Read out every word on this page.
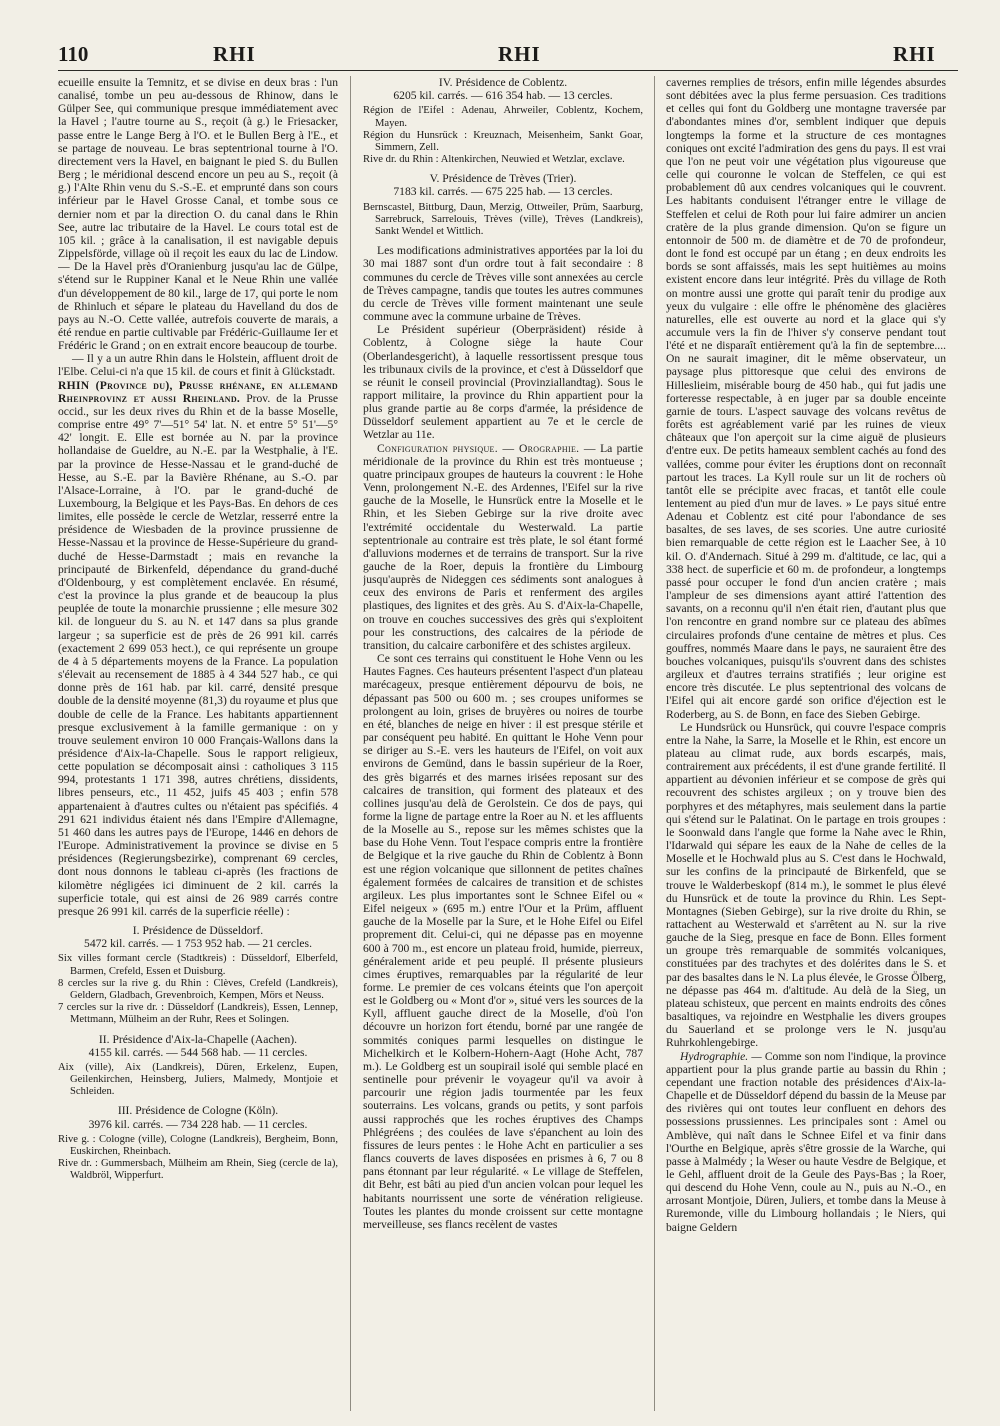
110	RHI	RHI	RHI

ecueille ensuite la Temnitz, et se divise en deux bras : l'un canalisé, tombe un peu au-dessous de Rhinow, dans le Gülper See, qui communique presque immédiatement avec la Havel ; l'autre tourne au S., reçoit (à g.) le Friesacker, passe entre le Lange Berg à l'O. et le Bullen Berg à l'E., et se partage de nouveau. Le bras septentrional tourne à l'O. directement vers la Havel, en baignant le pied S. du Bullen Berg ; le méridional descend encore un peu au S., reçoit (à g.) l'Alte Rhin venu du S.-S.-E. et emprunté dans son cours inférieur par le Havel Grosse Canal, et tombe sous ce dernier nom et par la direction O. du canal dans le Rhin See, autre lac tributaire de la Havel. Le cours total est de 105 kil. ; grâce à la canalisation, il est navigable depuis Zippelsförde, village où il reçoit les eaux du lac de Lindow. — De la Havel près d'Oranienburg jusqu'au lac de Gülpe, s'étend sur le Ruppiner Kanal et le Neue Rhin une vallée d'un développement de 80 kil., large de 17, qui porte le nom de Rhinluch et sépare le plateau du Havelland du dos de pays au N.-O. Cette vallée, autrefois couverte de marais, a été rendue en partie cultivable par Frédéric-Guillaume Ier et Frédéric le Grand ; on en extrait encore beaucoup de tourbe.

— Il y a un autre Rhin dans le Holstein, affluent droit de l'Elbe. Celui-ci n'a que 15 kil. de cours et finit à Glückstadt.

RHIN (Province du), Prusse rhénane, en allemand Rheinprovinz et aussi Rheinland. Prov. de la Prusse occid., sur les deux rives du Rhin et de la basse Moselle, comprise entre 49° 7'—51° 54' lat. N. et entre 5° 51'—5° 42' longit. E. Elle est bornée au N. par la province hollandaise de Gueldre, au N.-E. par la Westphalie, à l'E. par la province de Hesse-Nassau et le grand-duché de Hesse, au S.-E. par la Bavière Rhénane, au S.-O. par l'Alsace-Lorraine, à l'O. par le grand-duché de Luxembourg, la Belgique et les Pays-Bas. En dehors de ces limites, elle possède le cercle de Wetzlar, resserré entre la présidence de Wiesbaden de la province prussienne de Hesse-Nassau et la province de Hesse-Supérieure du grand-duché de Hesse-Darmstadt ; mais en revanche la principauté de Birkenfeld, dépendance du grand-duché d'Oldenbourg, y est complètement enclavée. En résumé, c'est la province la plus grande et de beaucoup la plus peuplée de toute la monarchie prussienne ; elle mesure 302 kil. de longueur du S. au N. et 147 dans sa plus grande largeur ; sa superficie est de près de 26 991 kil. carrés (exactement 2 699 053 hect.), ce qui représente un groupe de 4 à 5 départements moyens de la France. La population s'élevait au recensement de 1885 à 4 344 527 hab., ce qui donne près de 161 hab. par kil. carré, densité presque double de la densité moyenne (81,3) du royaume et plus que double de celle de la France. Les habitants appartiennent presque exclusivement à la famille germanique : on y trouve seulement environ 10 000 Français-Wallons dans la présidence d'Aix-la-Chapelle. Sous le rapport religieux, cette population se décomposait ainsi : catholiques 3 115 994, protestants 1 171 398, autres chrétiens, dissidents, libres penseurs, etc., 11 452, juifs 45 403 ; enfin 578 appartenaient à d'autres cultes ou n'étaient pas spécifiés. 4 291 621 individus étaient nés dans l'Empire d'Allemagne, 51 460 dans les autres pays de l'Europe, 1446 en dehors de l'Europe. Administrativement la province se divise en 5 présidences (Regierungsbezirke), comprenant 69 cercles, dont nous donnons le tableau ci-après (les fractions de kilomètre négligées ici diminuent de 2 kil. carrés la superficie totale, qui est ainsi de 26 989 carrés contre presque 26 991 kil. carrés de la superficie réelle) :

I. Présidence de Düsseldorf.

5472 kil. carrés. — 1 753 952 hab. — 21 cercles.

Six villes formant cercle (Stadtkreis) : Düsseldorf, Elberfeld, Barmen, Crefeld, Essen et Duisburg.

8 cercles sur la rive g. du Rhin : Clèves, Crefeld (Landkreis), Geldern, Gladbach, Grevenbroich, Kempen, Mörs et Neuss.

7 cercles sur la rive dr. : Düsseldorf (Landkreis), Essen, Lennep, Mettmann, Mülheim an der Ruhr, Rees et Solingen.

II. Présidence d'Aix-la-Chapelle (Aachen).

4155 kil. carrés. — 544 568 hab. — 11 cercles.

Aix (ville), Aix (Landkreis), Düren, Erkelenz, Eupen, Geilenkirchen, Heinsberg, Juliers, Malmedy, Montjoie et Schleiden.

III. Présidence de Cologne (Köln).

3976 kil. carrés. — 734 228 hab. — 11 cercles.

Rive g. : Cologne (ville), Cologne (Landkreis), Bergheim, Bonn, Euskirchen, Rheinbach.

Rive dr. : Gummersbach, Mülheim am Rhein, Sieg (cercle de la), Waldbröl, Wipperfurt.

IV. Présidence de Coblentz.

6205 kil. carrés. — 616 354 hab. — 13 cercles.

Région de l'Eifel : Adenau, Ahrweiler, Coblentz, Kochem, Mayen.

Région du Hunsrück : Kreuznach, Meisenheim, Sankt Goar, Simmern, Zell.

Rive dr. du Rhin : Altenkirchen, Neuwied et Wetzlar, exclave.

V. Présidence de Trèves (Trier).

7183 kil. carrés. — 675 225 hab. — 13 cercles.

Bernscastel, Bittburg, Daun, Merzig, Ottweiler, Prüm, Saarburg, Sarrebruck, Sarrelouis, Trèves (ville), Trèves (Landkreis), Sankt Wendel et Wittlich.

Les modifications administratives apportées par la loi du 30 mai 1887 sont d'un ordre tout à fait secondaire : 8 communes du cercle de Trèves ville sont annexées au cercle de Trèves campagne, tandis que toutes les autres communes du cercle de Trèves ville forment maintenant une seule commune avec la commune urbaine de Trèves.

Le Président supérieur (Oberpräsident) réside à Coblentz, à Cologne siège la haute Cour (Oberlandesgericht), à laquelle ressortissent presque tous les tribunaux civils de la province, et c'est à Düsseldorf que se réunit le conseil provincial (Provinziallandtag). Sous le rapport militaire, la province du Rhin appartient pour la plus grande partie au 8e corps d'armée, la présidence de Düsseldorf seulement appartient au 7e et le cercle de Wetzlar au 11e.

Configuration physique. — Orographie. — La partie méridionale de la province du Rhin est très montueuse ; quatre principaux groupes de hauteurs la couvrent : le Hohe Venn, prolongement N.-E. des Ardennes, l'Eifel sur la rive gauche de la Moselle, le Hunsrück entre la Moselle et le Rhin, et les Sieben Gebirge sur la rive droite avec l'extrémité occidentale du Westerwald. La partie septentrionale au contraire est très plate, le sol étant formé d'alluvions modernes et de terrains de transport. Sur la rive gauche de la Roer, depuis la frontière du Limbourg jusqu'auprès de Nideggen ces sédiments sont analogues à ceux des environs de Paris et renferment des argiles plastiques, des lignites et des grès. Au S. d'Aix-la-Chapelle, on trouve en couches successives des grès qui s'exploitent pour les constructions, des calcaires de la période de transition, du calcaire carbonifère et des schistes argileux.

Ce sont ces terrains qui constituent le Hohe Venn ou les Hautes Fagnes. Ces hauteurs présentent l'aspect d'un plateau marécageux, presque entièrement dépourvu de bois, ne dépassant pas 500 ou 600 m. ; ses croupes uniformes se prolongent au loin, grises de bruyères ou noires de tourbe en été, blanches de neige en hiver : il est presque stérile et par conséquent peu habité. En quittant le Hohe Venn pour se diriger au S.-E. vers les hauteurs de l'Eifel, on voit aux environs de Gemünd, dans le bassin supérieur de la Roer, des grès bigarrés et des marnes irisées reposant sur des calcaires de transition, qui forment des plateaux et des collines jusqu'au delà de Gerolstein. Ce dos de pays, qui forme la ligne de partage entre la Roer au N. et les affluents de la Moselle au S., repose sur les mêmes schistes que la base du Hohe Venn. Tout l'espace compris entre la frontière de Belgique et la rive gauche du Rhin de Coblentz à Bonn est une région volcanique que sillonnent de petites chaînes également formées de calcaires de transition et de schistes argileux. Les plus importantes sont le Schnee Eifel ou « Eifel neigeux » (695 m.) entre l'Our et la Prüm, affluent gauche de la Moselle par la Sure, et le Hohe Eifel ou Eifel proprement dit. Celui-ci, qui ne dépasse pas en moyenne 600 à 700 m., est encore un plateau froid, humide, pierreux, généralement aride et peu peuplé. Il présente plusieurs cimes éruptives, remarquables par la régularité de leur forme. Le premier de ces volcans éteints que l'on aperçoit est le Goldberg ou « Mont d'or », situé vers les sources de la Kyll, affluent gauche direct de la Moselle, d'où l'on découvre un horizon fort étendu, borné par une rangée de sommités coniques parmi lesquelles on distingue le Michelkirch et le Kolbern-Hohern-Aagt (Hohe Acht, 787 m.). Le Goldberg est un soupirail isolé qui semble placé en sentinelle pour prévenir le voyageur qu'il va avoir à parcourir une région jadis tourmentée par les feux souterrains. Les volcans, grands ou petits, y sont parfois aussi rapprochés que les roches éruptives des Champs Phlégréens ; des coulées de lave s'épanchent au loin des fissures de leurs pentes : le Hohe Acht en particulier a ses flancs couverts de laves disposées en prismes à 6, 7 ou 8 pans étonnant par leur régularité. « Le village de Steffelen, dit Behr, est bâti au pied d'un ancien volcan pour lequel les habitants nourrissent une sorte de vénération religieuse. Toutes les plantes du monde croissent sur cette montagne merveilleuse, ses flancs recèlent de vastes

cavernes remplies de trésors, enfin mille légendes absurdes sont débitées avec la plus ferme persuasion. Ces traditions et celles qui font du Goldberg une montagne traversée par d'abondantes mines d'or, semblent indiquer que depuis longtemps la forme et la structure de ces montagnes coniques ont excité l'admiration des gens du pays. Il est vrai que l'on ne peut voir une végétation plus vigoureuse que celle qui couronne le volcan de Steffelen, ce qui est probablement dû aux cendres volcaniques qui le couvrent. Les habitants conduisent l'étranger entre le village de Steffelen et celui de Roth pour lui faire admirer un ancien cratère de la plus grande dimension. Qu'on se figure un entonnoir de 500 m. de diamètre et de 70 de profondeur, dont le fond est occupé par un étang ; en deux endroits les bords se sont affaissés, mais les sept huitièmes au moins existent encore dans leur intégrité. Près du village de Roth on montre aussi une grotte qui paraît tenir du prodige aux yeux du vulgaire : elle offre le phénomène des glacières naturelles, elle est ouverte au nord et la glace qui s'y accumule vers la fin de l'hiver s'y conserve pendant tout l'été et ne disparaît entièrement qu'à la fin de septembre.... On ne saurait imaginer, dit le même observateur, un paysage plus pittoresque que celui des environs de Hilleslieim, misérable bourg de 450 hab., qui fut jadis une forteresse respectable, à en juger par sa double enceinte garnie de tours. L'aspect sauvage des volcans revêtus de forêts est agréablement varié par les ruines de vieux châteaux que l'on aperçoit sur la cime aiguë de plusieurs d'entre eux. De petits hameaux semblent cachés au fond des vallées, comme pour éviter les éruptions dont on reconnaît partout les traces. La Kyll roule sur un lit de rochers où tantôt elle se précipite avec fracas, et tantôt elle coule lentement au pied d'un mur de laves. » Le pays situé entre Adenau et Coblentz est cité pour l'abondance de ses basaltes, de ses laves, de ses scories. Une autre curiosité bien remarquable de cette région est le Laacher See, à 10 kil. O. d'Andernach. Situé à 299 m. d'altitude, ce lac, qui a 338 hect. de superficie et 60 m. de profondeur, a longtemps passé pour occuper le fond d'un ancien cratère ; mais l'ampleur de ses dimensions ayant attiré l'attention des savants, on a reconnu qu'il n'en était rien, d'autant plus que l'on rencontre en grand nombre sur ce plateau des abîmes circulaires profonds d'une centaine de mètres et plus. Ces gouffres, nommés Maare dans le pays, ne sauraient être des bouches volcaniques, puisqu'ils s'ouvrent dans des schistes argileux et d'autres terrains stratifiés ; leur origine est encore très discutée. Le plus septentrional des volcans de l'Eifel qui ait encore gardé son orifice d'éjection est le Roderberg, au S. de Bonn, en face des Sieben Gebirge.

Le Hundsrück ou Hunsrück, qui couvre l'espace compris entre la Nahe, la Sarre, la Moselle et le Rhin, est encore un plateau au climat rude, aux bords escarpés, mais, contrairement aux précédents, il est d'une grande fertilité. Il appartient au dévonien inférieur et se compose de grès qui recouvrent des schistes argileux ; on y trouve bien des porphyres et des métaphyres, mais seulement dans la partie qui s'étend sur le Palatinat. On le partage en trois groupes : le Soonwald dans l'angle que forme la Nahe avec le Rhin, l'Idarwald qui sépare les eaux de la Nahe de celles de la Moselle et le Hochwald plus au S. C'est dans le Hochwald, sur les confins de la principauté de Birkenfeld, que se trouve le Walderbeskopf (814 m.), le sommet le plus élevé du Hunsrück et de toute la province du Rhin. Les Sept-Montagnes (Sieben Gebirge), sur la rive droite du Rhin, se rattachent au Westerwald et s'arrêtent au N. sur la rive gauche de la Sieg, presque en face de Bonn. Elles forment un groupe très remarquable de sommités volcaniques, constituées par des trachytes et des dolérites dans le S. et par des basaltes dans le N. La plus élevée, le Grosse Ölberg, ne dépasse pas 464 m. d'altitude. Au delà de la Sieg, un plateau schisteux, que percent en maints endroits des cônes basaltiques, va rejoindre en Westphalie les divers groupes du Sauerland et se prolonge vers le N. jusqu'au Ruhrkohlengebirge.

Hydrographie. — Comme son nom l'indique, la province appartient pour la plus grande partie au bassin du Rhin ; cependant une fraction notable des présidences d'Aix-la-Chapelle et de Düsseldorf dépend du bassin de la Meuse par des rivières qui ont toutes leur confluent en dehors des possessions prussiennes. Les principales sont : Amel ou Amblève, qui naît dans le Schnee Eifel et va finir dans l'Ourthe en Belgique, après s'être grossie de la Warche, qui passe à Malmédy ; la Weser ou haute Vesdre de Belgique, et le Gehl, affluent droit de la Geule des Pays-Bas ; la Roer, qui descend du Hohe Venn, coule au N., puis au N.-O., en arrosant Montjoie, Düren, Juliers, et tombe dans la Meuse à Ruremonde, ville du Limbourg hollandais ; le Niers, qui baigne Geldern
